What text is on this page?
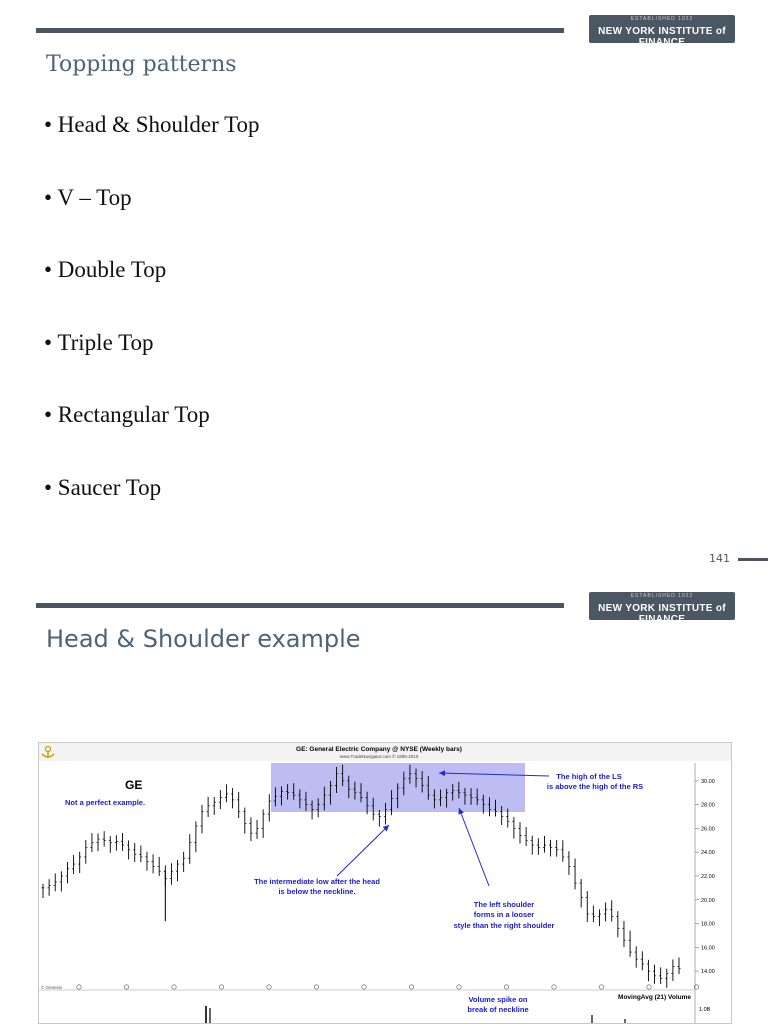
ESTABLISHED 1922
NEW YORK INSTITUTE of FINANCE
Topping patterns
• Head & Shoulder Top
• V – Top
• Double Top
• Triple Top
• Rectangular Top
• Saucer Top
141
ESTABLISHED 1922
NEW YORK INSTITUTE of FINANCE
Head & Shoulder example
GE: General Electric Company @ NYSE (Weekly bars)
www.TradeNavigator.com © 1995-2010
30.00
28.00
26.00
24.00
22.00
20.00
18.00
16.00
14.00
GE
Not a perfect example.
The high of the LS
is above the high of the RS
The intermediate low after the head
is below the neckline.
The left shoulder
forms in a looser
style than the right shoulder
Volume spike on
break of neckline
MovingAvg (21) Volume
1.0B
© Genesis
